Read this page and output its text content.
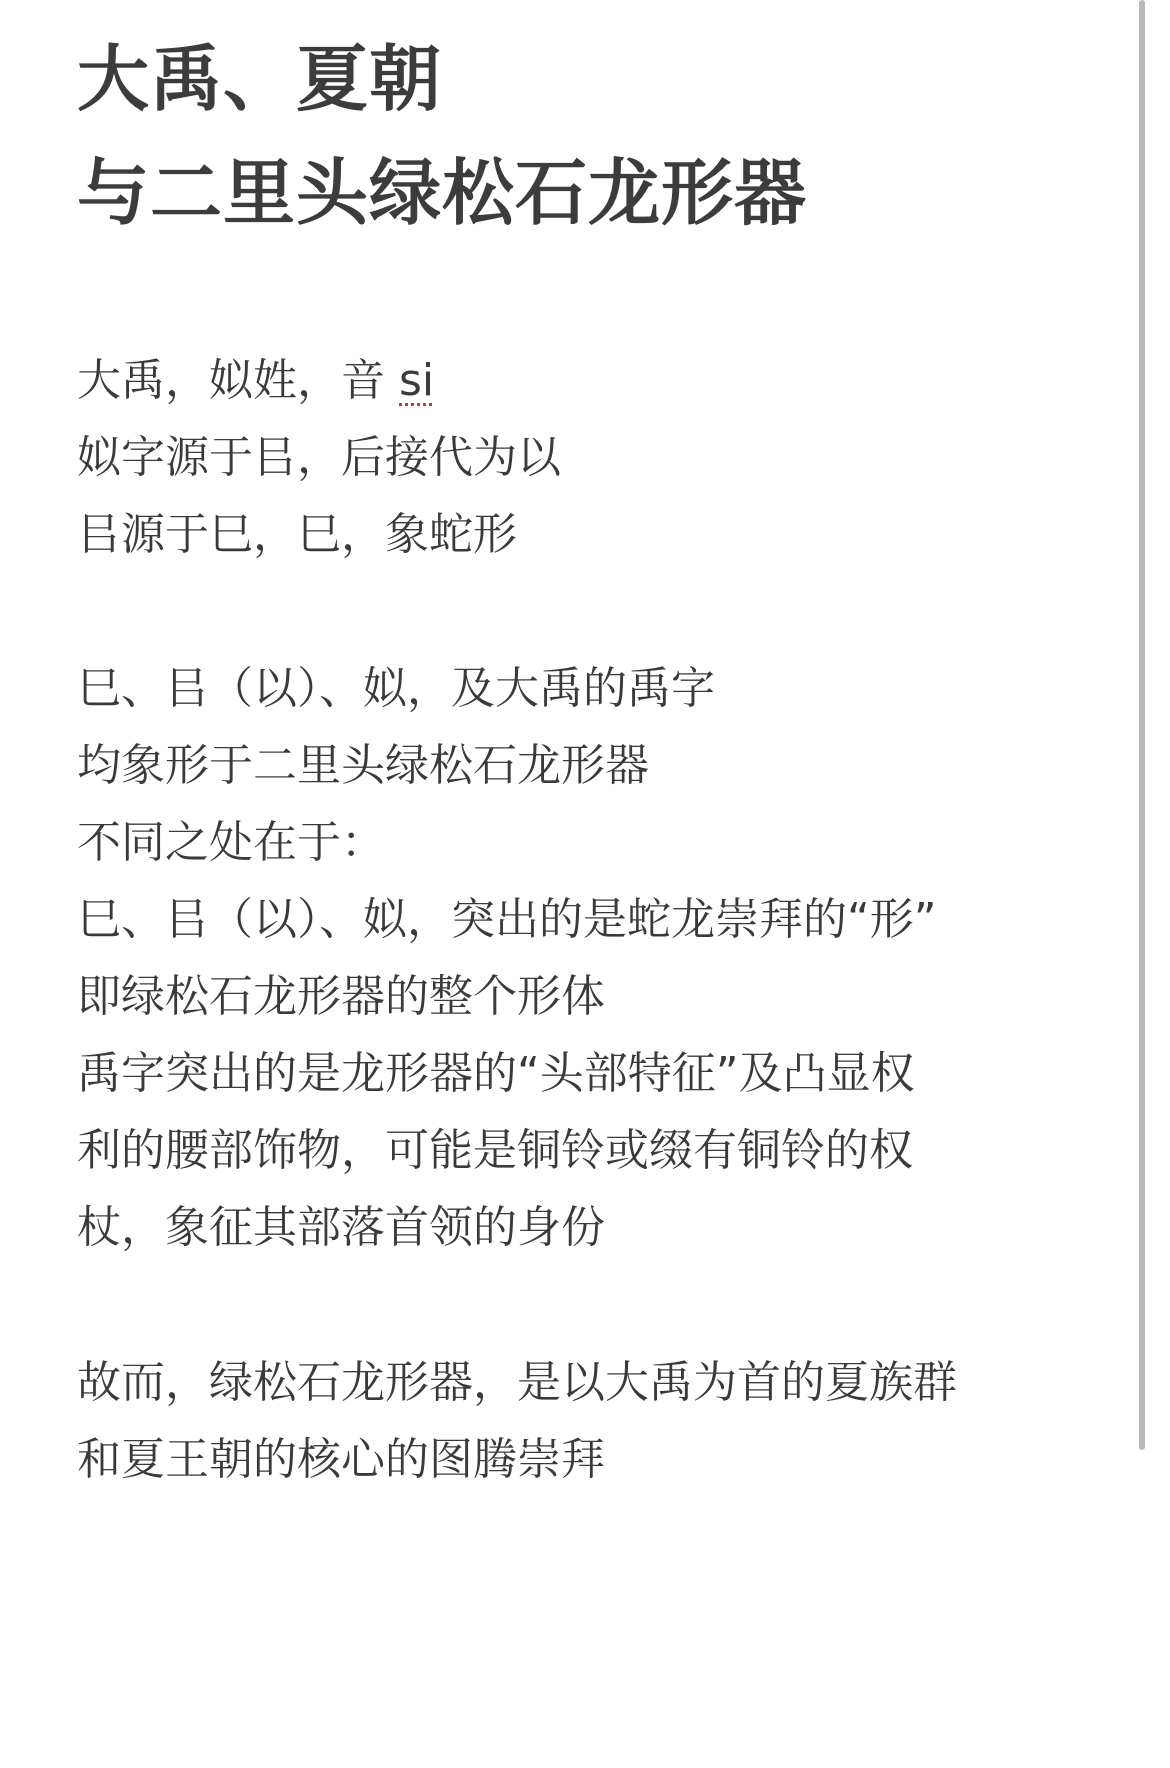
大禹、夏朝
与二里头绿松石龙形器
大禹，姒姓，音 si
姒字源于㠯，后接代为以
㠯源于巳，巳，象蛇形
巳、㠯（以）、姒，及大禹的禹字
均象形于二里头绿松石龙形器
不同之处在于：
巳、㠯（以）、姒，突出的是蛇龙崇拜的“形”
即绿松石龙形器的整个形体
禹字突出的是龙形器的“头部特征”及凸显权
利的腰部饰物，可能是铜铃或缀有铜铃的权
杖，象征其部落首领的身份
故而，绿松石龙形器，是以大禹为首的夏族群
和夏王朝的核心的图腾崇拜
